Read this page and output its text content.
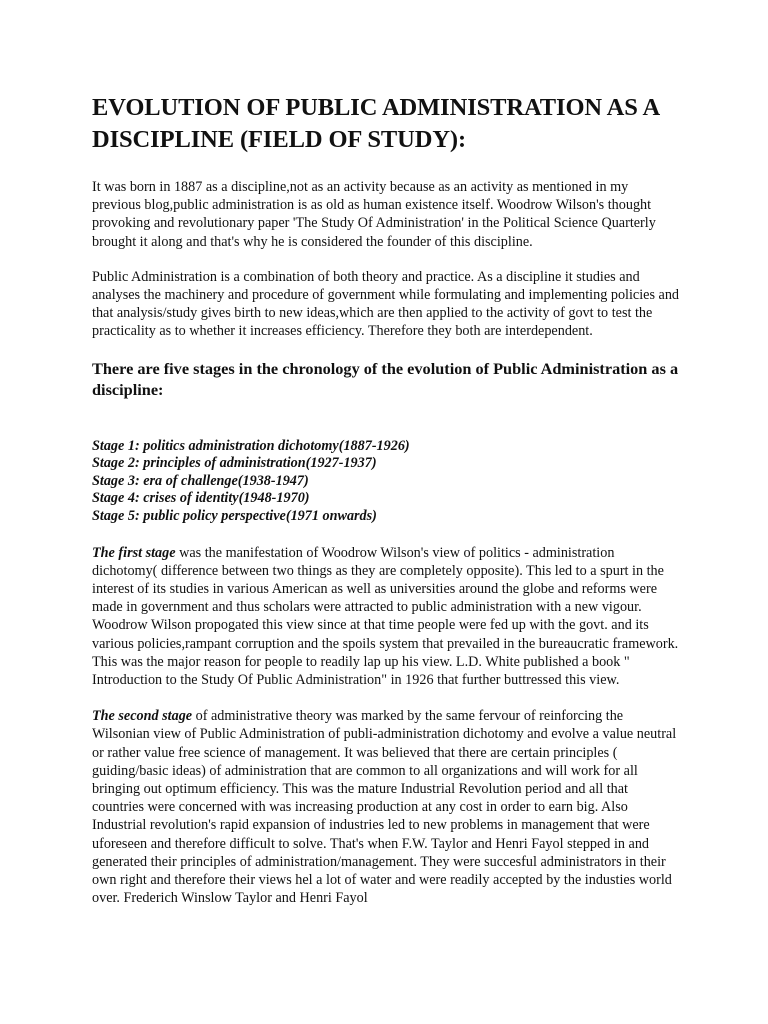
EVOLUTION OF PUBLIC ADMINISTRATION AS A DISCIPLINE (FIELD OF STUDY):

It was born in 1887 as a discipline,not as an activity because as an activity as mentioned in my previous blog,public administration is as old as human existence itself. Woodrow Wilson's thought provoking and revolutionary paper 'The Study Of Administration' in the Political Science Quarterly brought it along and that's why he is considered the founder of this discipline.

Public Administration is a combination of both theory and practice. As a discipline it studies and analyses the machinery and procedure of government while formulating and implementing policies and that analysis/study gives birth to new ideas,which are then applied to the activity of govt to test the practicality as to whether it increases efficiency. Therefore they both are interdependent.

There are five stages in the chronology of the evolution of Public Administration as a discipline:
Stage 1: politics administration dichotomy(1887-1926)
Stage 2: principles of administration(1927-1937)
Stage 3: era of challenge(1938-1947)
Stage 4: crises of identity(1948-1970)
Stage 5: public policy perspective(1971 onwards)

The first stage was the manifestation of Woodrow Wilson's view of politics - administration dichotomy( difference between two things as they are completely opposite). This led to a spurt in the interest of its studies in various American as well as universities around the globe and reforms were made in government and thus scholars were attracted to public administration with a new vigour. Woodrow Wilson propogated this view since at that time people were fed up with the govt. and its various policies,rampant corruption and the spoils system that prevailed in the bureaucratic framework. This was the major reason for people to readily lap up his view. L.D. White published a book " Introduction to the Study Of Public Administration" in 1926 that further buttressed this view.

The second stage of administrative theory was marked by the same fervour of reinforcing the Wilsonian view of Public Administration of publi-administration dichotomy and evolve a value neutral or rather value free science of management. It was believed that there are certain principles ( guiding/basic ideas) of administration that are common to all organizations and will work for all bringing out optimum efficiency. This was the mature Industrial Revolution period and all that countries were concerned with was increasing production at any cost in order to earn big. Also Industrial revolution's rapid expansion of industries led to new problems in management that were uforeseen and therefore difficult to solve. That's when F.W. Taylor and Henri Fayol stepped in and generated their principles of administration/management. They were succesful administrators in their own right and therefore their views hel a lot of water and were readily accepted by the industies world over. Frederich Winslow Taylor and Henri Fayol
